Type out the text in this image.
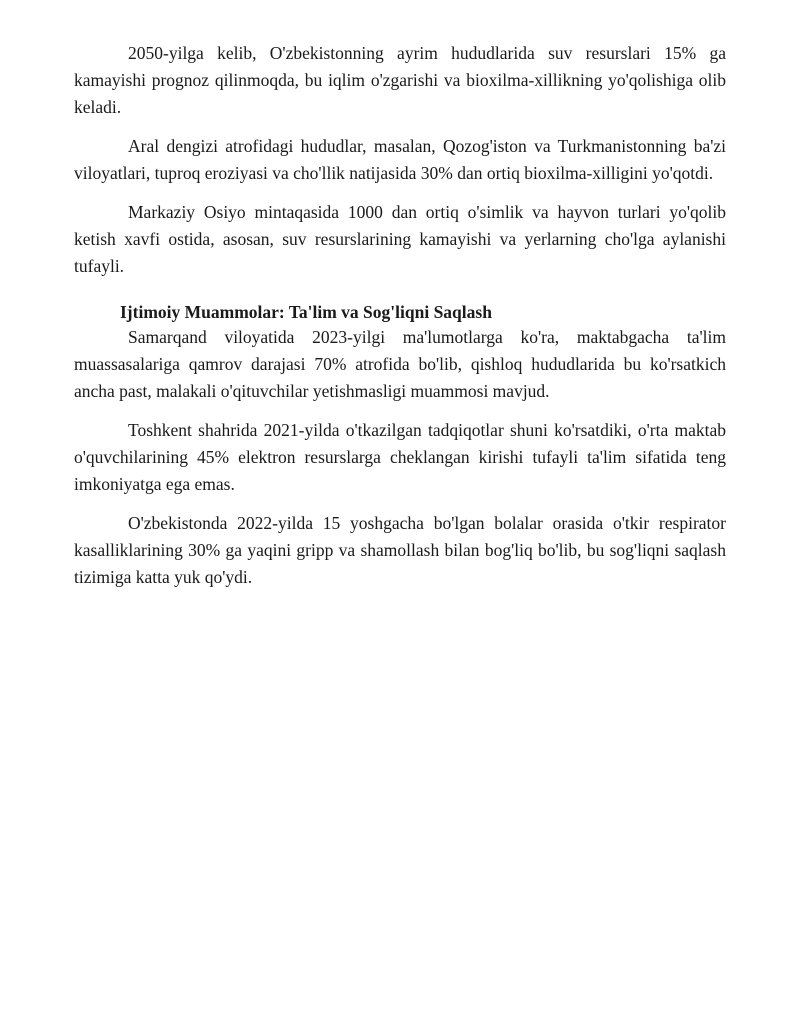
2050-yilga kelib, O'zbekistonning ayrim hududlarida suv resurslari 15% ga kamayishi prognoz qilinmoqda, bu iqlim o'zgarishi va bioxilma-xillikning yo'qolishiga olib keladi.

Aral dengizi atrofidagi hududlar, masalan, Qozog'iston va Turkmanistonning ba'zi viloyatlari, tuproq eroziyasi va cho'llik natijasida 30% dan ortiq bioxilma-xilligini yo'qotdi.

Markaziy Osiyo mintaqasida 1000 dan ortiq o'simlik va hayvon turlari yo'qolib ketish xavfi ostida, asosan, suv resurslarining kamayishi va yerlarning cho'lga aylanishi tufayli.

Ijtimoiy Muammolar: Ta'lim va Sog'liqni Saqlash

Samarqand viloyatida 2023-yilgi ma'lumotlarga ko'ra, maktabgacha ta'lim muassasalariga qamrov darajasi 70% atrofida bo'lib, qishloq hududlarida bu ko'rsatkich ancha past, malakali o'qituvchilar yetishmasligi muammosi mavjud.

Toshkent shahrida 2021-yilda o'tkazilgan tadqiqotlar shuni ko'rsatdiki, o'rta maktab o'quvchilarining 45% elektron resurslarga cheklangan kirishi tufayli ta'lim sifatida teng imkoniyatga ega emas.

O'zbekistonda 2022-yilda 15 yoshgacha bo'lgan bolalar orasida o'tkir respirator kasalliklarining 30% ga yaqini gripp va shamollash bilan bog'liq bo'lib, bu sog'liqni saqlash tizimiga katta yuk qo'ydi.
